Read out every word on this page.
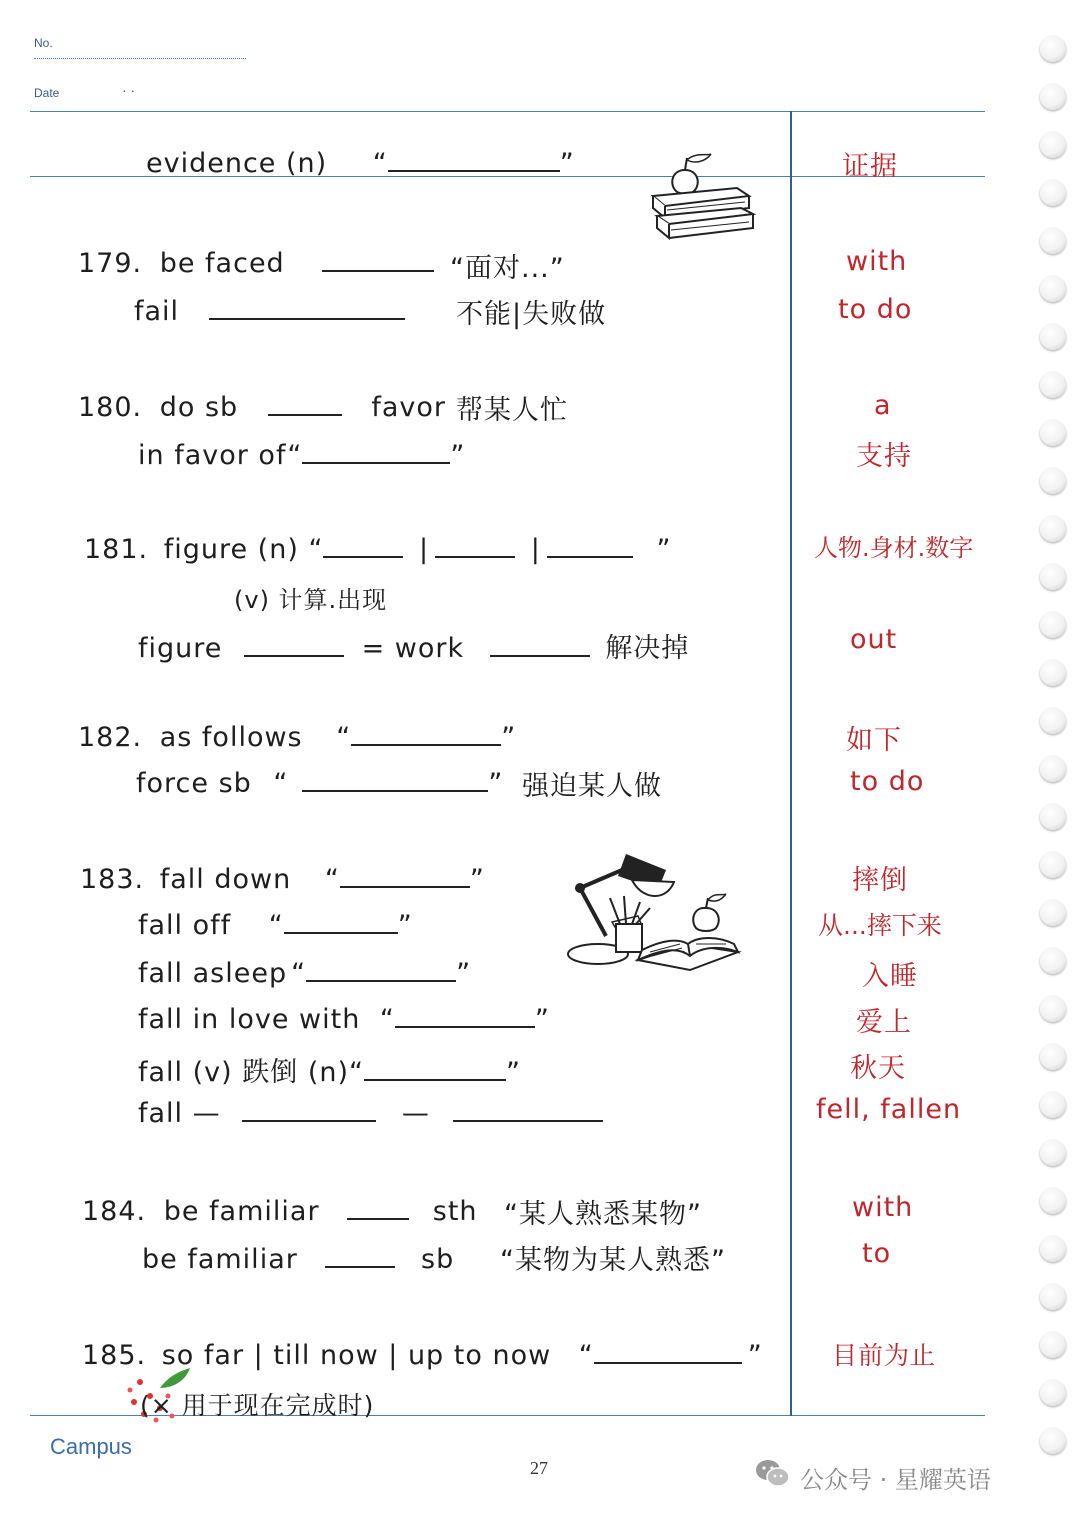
No.
Date	· ·
evidence (n) “	”	证据
179. be faced	“面对...”	with
fail	不能|失败做	to do
180. do sb	favor 帮某人忙	a
in favor of“	”	支持
181. figure (n) “	|	|	”	人物.身材.数字
(v) 计算.出现
figure	= work	解决掉	out
182. as follows “	”	如下
force sb “	” 强迫某人做	to do
183. fall down “	”	摔倒
fall off “	”	从...摔下来
fall asleep “	”	入睡
fall in love with “	”	爱上
fall (v) 跌倒 (n)“	”	秋天
fall —	—	fell, fallen
184. be familiar	sth “某人熟悉某物”	with
be familiar	sb “某物为某人熟悉”	to
185. so far | till now | up to now “	”	目前为止
(× 用于现在完成时)
Campus
27	公众号 · 星耀英语
